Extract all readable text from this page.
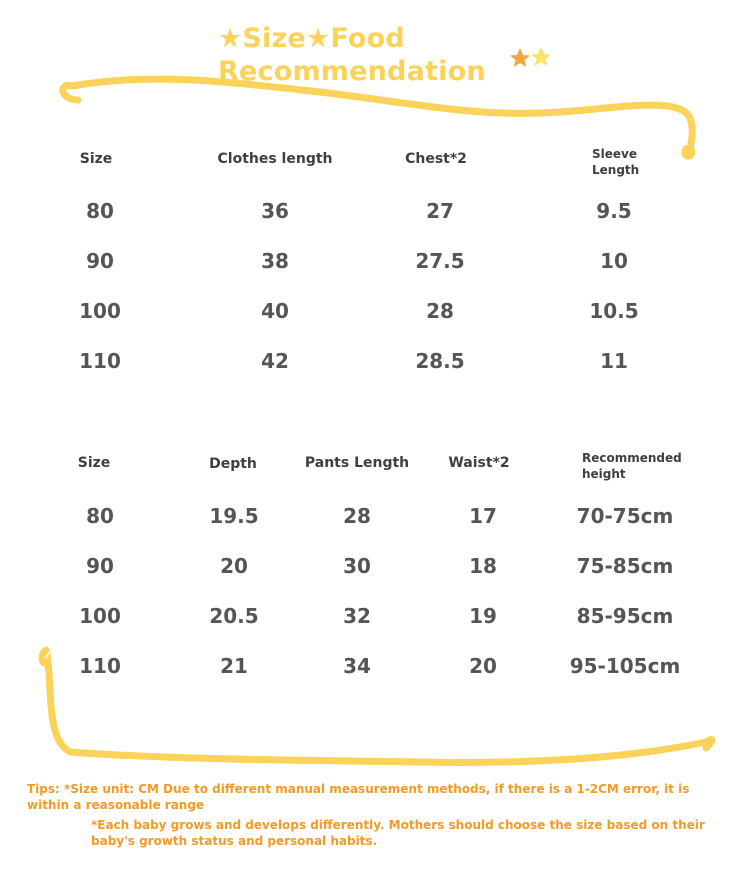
★Size★Food
Recommendation
Size	Clothes length	Chest*2	Sleeve
Length
80	36	27	9.5
90	38	27.5	10
100	40	28	10.5
110	42	28.5	11
Size	Depth	Pants Length	Waist*2	Recommended
height
80	19.5	28	17	70-75cm
90	20	30	18	75-85cm
100	20.5	32	19	85-95cm
110	21	34	20	95-105cm
Tips: *Size unit: CM Due to different manual measurement methods, if there is a 1-2CM error, it is within a reasonable range
*Each baby grows and develops differently. Mothers should choose the size based on their baby's growth status and personal habits.
